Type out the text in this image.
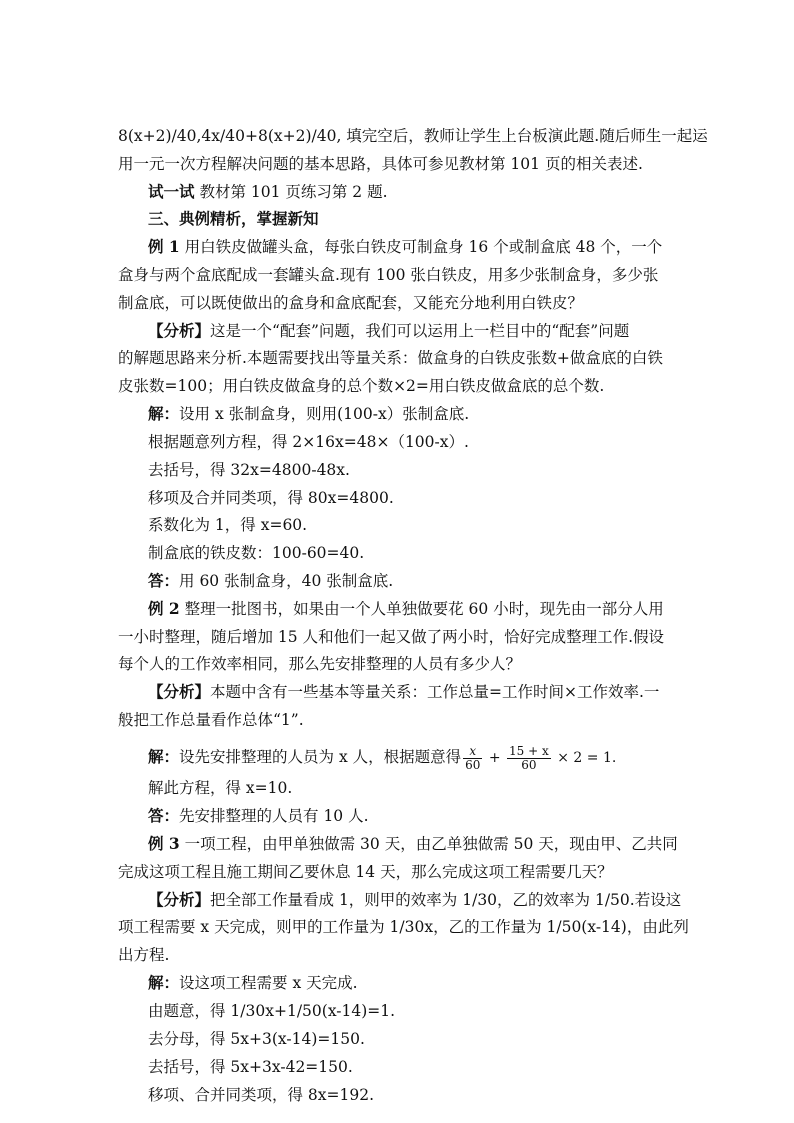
8(x+2)/40,4x/40+8(x+2)/40, 填完空后，教师让学生上台板演此题.随后师生一起运
用一元一次方程解决问题的基本思路，具体可参见教材第 101 页的相关表述.
试一试 教材第 101 页练习第 2 题.
三、典例精析，掌握新知
例 1 用白铁皮做罐头盒，每张白铁皮可制盒身 16 个或制盒底 48 个，一个
盒身与两个盒底配成一套罐头盒.现有 100 张白铁皮，用多少张制盒身，多少张
制盒底，可以既使做出的盒身和盒底配套，又能充分地利用白铁皮？
【分析】这是一个“配套”问题，我们可以运用上一栏目中的“配套”问题
的解题思路来分析.本题需要找出等量关系：做盒身的白铁皮张数+做盒底的白铁
皮张数=100；用白铁皮做盒身的总个数×2=用白铁皮做盒底的总个数.
解：设用 x 张制盒身，则用(100-x）张制盒底.
根据题意列方程，得 2×16x=48×（100-x）.
去括号，得 32x=4800-48x.
移项及合并同类项，得 80x=4800.
系数化为 1，得 x=60.
制盒底的铁皮数：100-60=40.
答：用 60 张制盒身，40 张制盒底.
例 2 整理一批图书，如果由一个人单独做要花 60 小时，现先由一部分人用
一小时整理，随后增加 15 人和他们一起又做了两小时，恰好完成整理工作.假设
每个人的工作效率相同，那么先安排整理的人员有多少人？
【分析】本题中含有一些基本等量关系：工作总量=工作时间×工作效率.一
般把工作总量看作总体“1”.
解：设先安排整理的人员为 x 人，根据题意得 $\frac{x}{60} + \frac{15 + x}{60} \times 2 = 1$.
解此方程，得 x=10.
答：先安排整理的人员有 10 人.
例 3 一项工程，由甲单独做需 30 天，由乙单独做需 50 天，现由甲、乙共同
完成这项工程且施工期间乙要休息 14 天，那么完成这项工程需要几天？
【分析】把全部工作量看成 1，则甲的效率为 1/30，乙的效率为 1/50.若设这
项工程需要 x 天完成，则甲的工作量为 1/30x，乙的工作量为 1/50(x-14)，由此列
出方程.
解：设这项工程需要 x 天完成.
由题意，得 1/30x+1/50(x-14)=1.
去分母，得 5x+3(x-14)=150.
去括号，得 5x+3x-42=150.
移项、合并同类项，得 8x=192.
